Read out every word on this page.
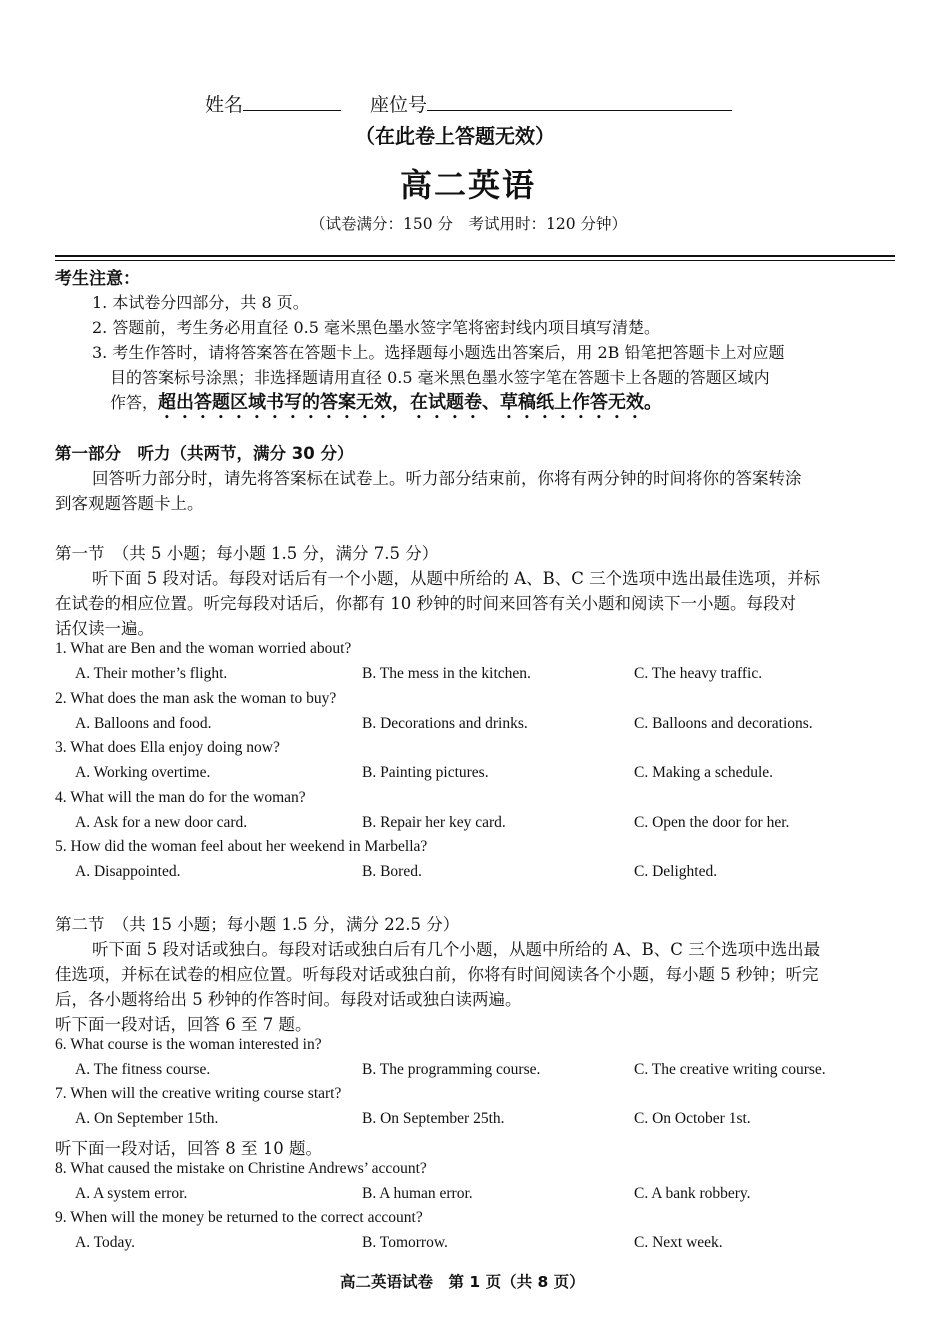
姓名	座位号
（在此卷上答题无效）
高二英语
（试卷满分：150 分　考试用时：120 分钟）
考生注意：
1. 本试卷分四部分，共 8 页。
2. 答题前，考生务必用直径 0.5 毫米黑色墨水签字笔将密封线内项目填写清楚。
3. 考生作答时，请将答案答在答题卡上。选择题每小题选出答案后，用 2B 铅笔把答题卡上对应题
目的答案标号涂黑；非选择题请用直径 0.5 毫米黑色墨水签字笔在答题卡上各题的答题区域内
作答，超出答题区域书写的答案无效，在试题卷、草稿纸上作答无效。
第一部分　听力（共两节，满分 30 分）
回答听力部分时，请先将答案标在试卷上。听力部分结束前，你将有两分钟的时间将你的答案转涂
到客观题答题卡上。
第一节　（共 5 小题；每小题 1.5 分，满分 7.5 分）
听下面 5 段对话。每段对话后有一个小题，从题中所给的 A、B、C 三个选项中选出最佳选项，并标
在试卷的相应位置。听完每段对话后，你都有 10 秒钟的时间来回答有关小题和阅读下一小题。每段对
话仅读一遍。
1. What are Ben and the woman worried about?
A. Their mother’s flight.	B. The mess in the kitchen.	C. The heavy traffic.
2. What does the man ask the woman to buy?
A. Balloons and food.	B. Decorations and drinks.	C. Balloons and decorations.
3. What does Ella enjoy doing now?
A. Working overtime.	B. Painting pictures.	C. Making a schedule.
4. What will the man do for the woman?
A. Ask for a new door card.	B. Repair her key card.	C. Open the door for her.
5. How did the woman feel about her weekend in Marbella?
A. Disappointed.	B. Bored.	C. Delighted.
第二节　（共 15 小题；每小题 1.5 分，满分 22.5 分）
听下面 5 段对话或独白。每段对话或独白后有几个小题，从题中所给的 A、B、C 三个选项中选出最
佳选项，并标在试卷的相应位置。听每段对话或独白前，你将有时间阅读各个小题，每小题 5 秒钟；听完
后，各小题将给出 5 秒钟的作答时间。每段对话或独白读两遍。
听下面一段对话，回答 6 至 7 题。
6. What course is the woman interested in?
A. The fitness course.	B. The programming course.	C. The creative writing course.
7. When will the creative writing course start?
A. On September 15th.	B. On September 25th.	C. On October 1st.
听下面一段对话，回答 8 至 10 题。
8. What caused the mistake on Christine Andrews’ account?
A. A system error.	B. A human error.	C. A bank robbery.
9. When will the money be returned to the correct account?
A. Today.	B. Tomorrow.	C. Next week.
高二英语试卷　第 1 页（共 8 页）
